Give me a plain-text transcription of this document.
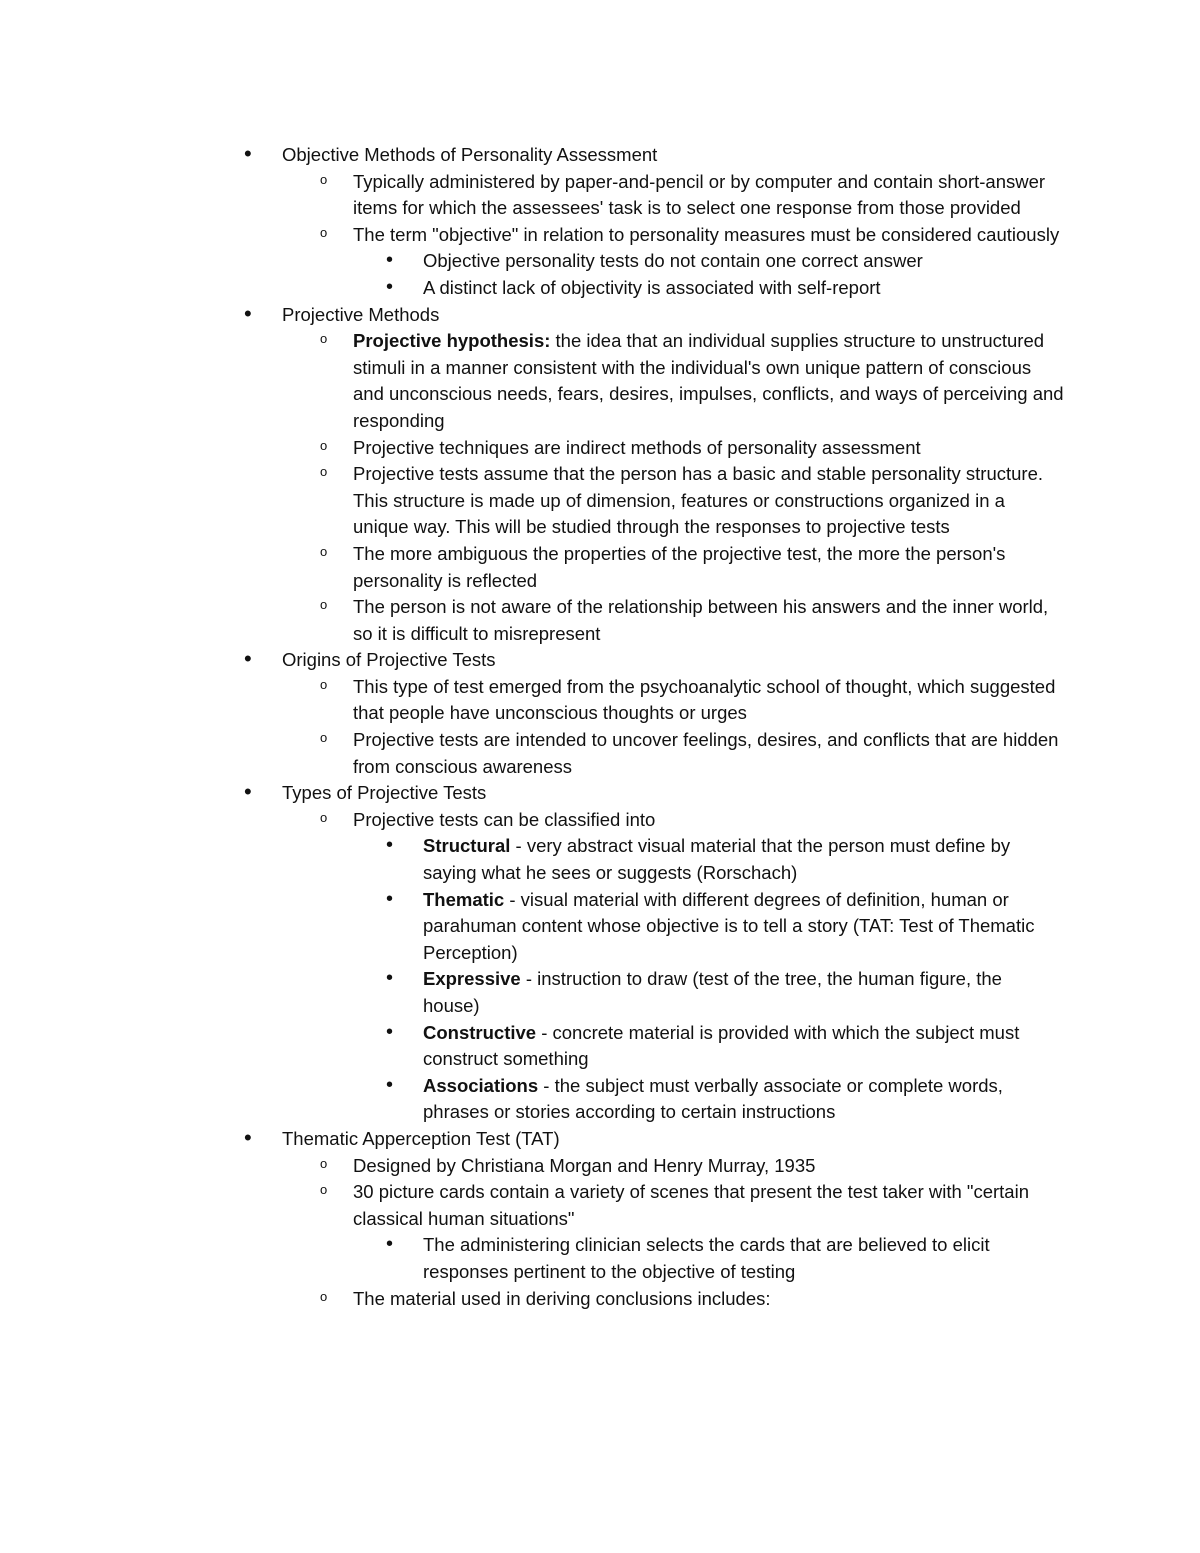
• Objective Methods of Personality Assessment
o Typically administered by paper-and-pencil or by computer and contain short-answer items for which the assessees' task is to select one response from those provided
o The term "objective" in relation to personality measures must be considered cautiously
• Objective personality tests do not contain one correct answer
• A distinct lack of objectivity is associated with self-report
• Projective Methods
o Projective hypothesis: the idea that an individual supplies structure to unstructured stimuli in a manner consistent with the individual's own unique pattern of conscious and unconscious needs, fears, desires, impulses, conflicts, and ways of perceiving and responding
o Projective techniques are indirect methods of personality assessment
o Projective tests assume that the person has a basic and stable personality structure. This structure is made up of dimension, features or constructions organized in a unique way. This will be studied through the responses to projective tests
o The more ambiguous the properties of the projective test, the more the person's personality is reflected
o The person is not aware of the relationship between his answers and the inner world, so it is difficult to misrepresent
• Origins of Projective Tests
o This type of test emerged from the psychoanalytic school of thought, which suggested that people have unconscious thoughts or urges
o Projective tests are intended to uncover feelings, desires, and conflicts that are hidden from conscious awareness
• Types of Projective Tests
o Projective tests can be classified into
• Structural - very abstract visual material that the person must define by saying what he sees or suggests (Rorschach)
• Thematic - visual material with different degrees of definition, human or parahuman content whose objective is to tell a story (TAT: Test of Thematic Perception)
• Expressive - instruction to draw (test of the tree, the human figure, the house)
• Constructive - concrete material is provided with which the subject must construct something
• Associations - the subject must verbally associate or complete words, phrases or stories according to certain instructions
• Thematic Apperception Test (TAT)
o Designed by Christiana Morgan and Henry Murray, 1935
o 30 picture cards contain a variety of scenes that present the test taker with "certain classical human situations"
• The administering clinician selects the cards that are believed to elicit responses pertinent to the objective of testing
o The material used in deriving conclusions includes:
